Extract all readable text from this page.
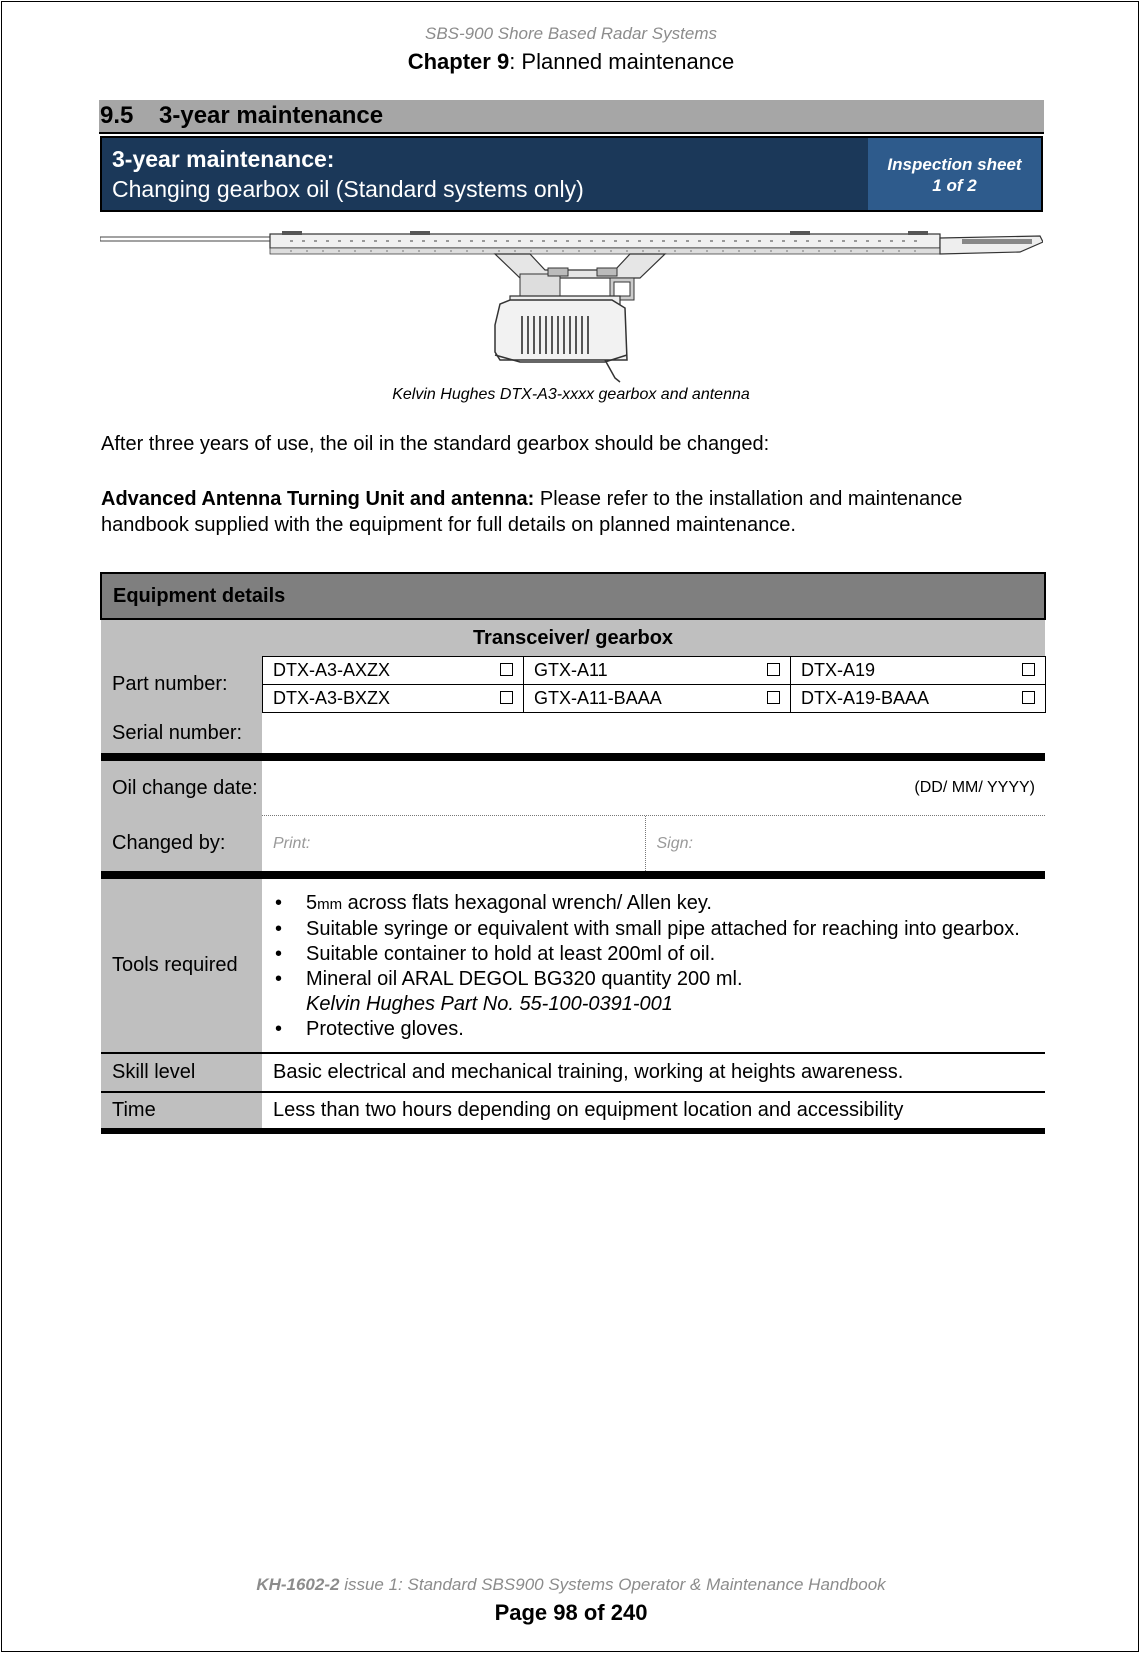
SBS-900 Shore Based Radar Systems
Chapter 9: Planned maintenance
9.5 3-year maintenance
3-year maintenance:
Changing gearbox oil (Standard systems only)
Inspection sheet
1 of 2
Kelvin Hughes DTX-A3-xxxx gearbox and antenna
After three years of use, the oil in the standard gearbox should be changed:
Advanced Antenna Turning Unit and antenna: Please refer to the installation and maintenance handbook supplied with the equipment for full details on planned maintenance.
Equipment details
Transceiver/ gearbox
Part number:	
DTX-A3-AXZX	GTX-A11	DTX-A19

DTX-A3-BXZX	GTX-A11-BAAA	DTX-A19-BAAA

Serial number:	

Oil change date:	(DD/ MM/ YYYY)
Changed by:		Print:	Sign:

Tools required	
• 5mm across flats hexagonal wrench/ Allen key.
• Suitable syringe or equivalent with small pipe attached for reaching into gearbox.
• Suitable container to hold at least 200ml of oil.
• Mineral oil ARAL DEGOL BG320 quantity 200 ml.
Kelvin Hughes Part No. 55-100-0391-001
• Protective gloves.

Skill level	Basic electrical and mechanical training, working at heights awareness.
Time	Less than two hours depending on equipment location and accessibility

KH-1602-2 issue 1: Standard SBS900 Systems Operator & Maintenance Handbook
Page 98 of 240
